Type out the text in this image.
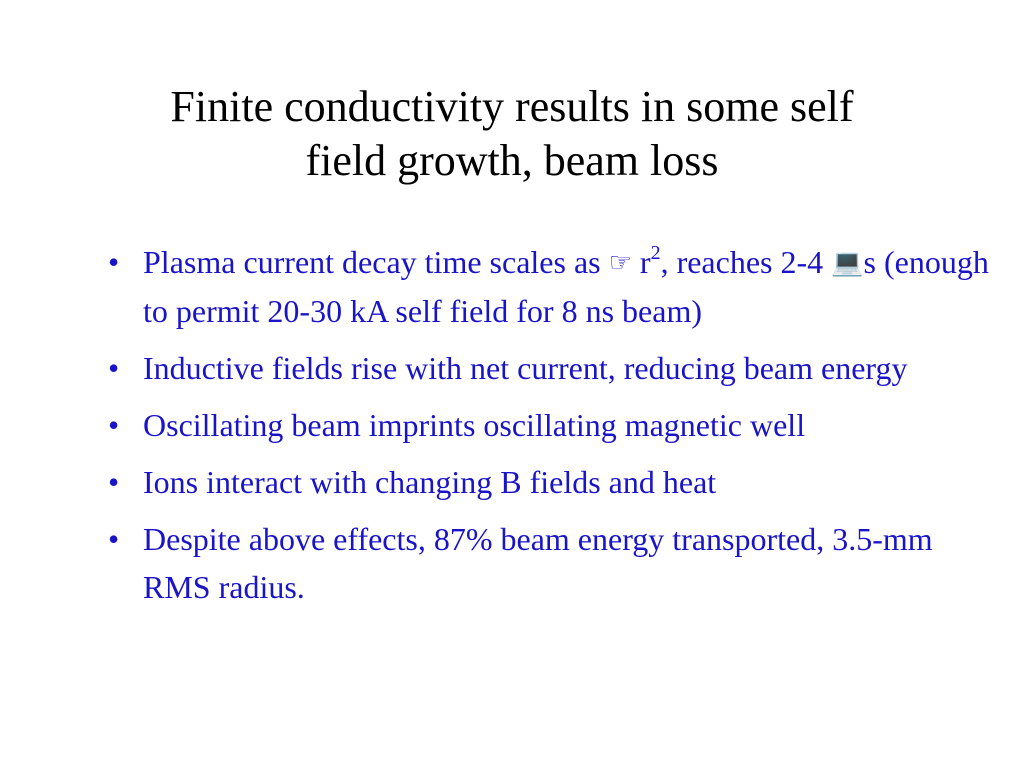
Finite conductivity results in some self
field growth, beam loss
• Plasma current decay time scales as ☞ $r^2$, reaches 2-4 💻s (enough to permit 20-30 kA self field for 8 ns beam)
• Inductive fields rise with net current, reducing beam energy
• Oscillating beam imprints oscillating magnetic well
• Ions interact with changing B fields and heat
• Despite above effects, 87% beam energy transported, 3.5-mm RMS radius.
